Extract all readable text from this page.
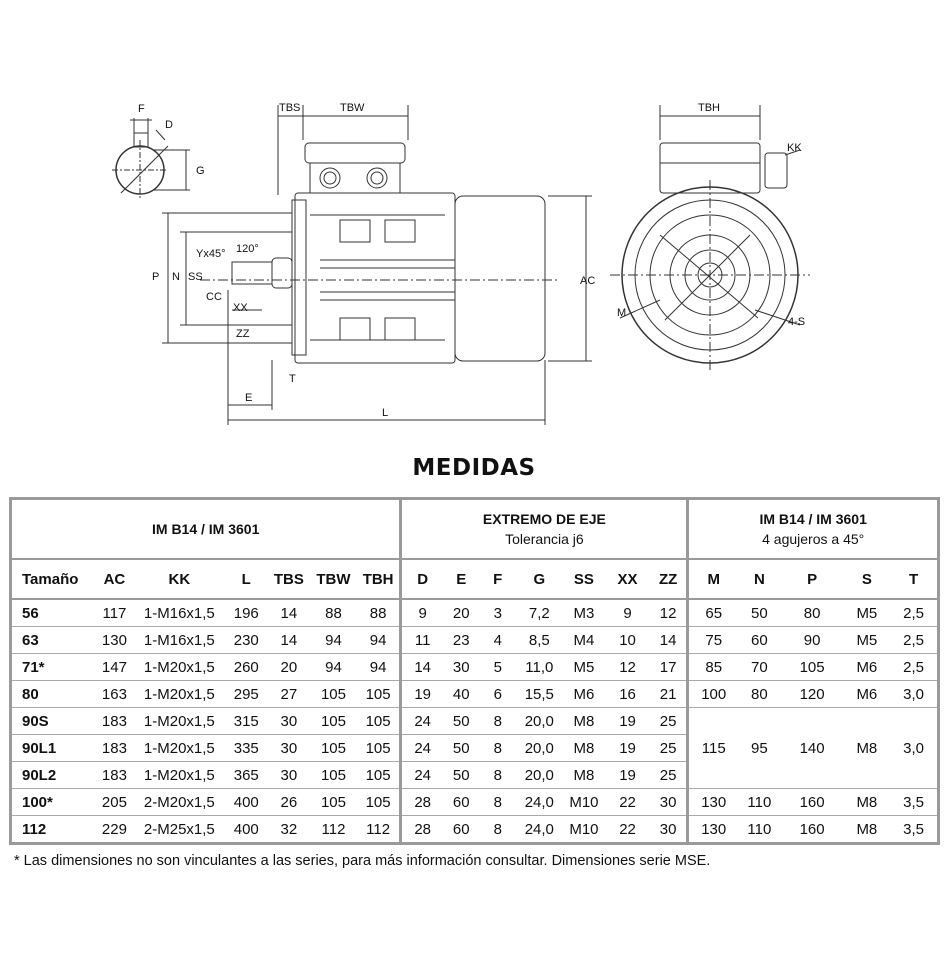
F
D
G
TBS	TBW	TBH
KK
Yx45° 120°
P N SS
CC
XX
ZZ
T
E
L
AC
M
4-S
MEDIDAS
IM B14 / IM 3601							EXTREMO DE EJE
Tolerancia j6							IM B14 / IM 3601
4 agujeros a 45°				

Tamaño	AC	KK	L	TBS	TBW	TBH	D	E	F	G	SS	XX	ZZ	M	N	P	S	T
56	117	1-M16x1,5	196	14	88	88	9	20	3	7,2	M3	9	12	65	50	80	M5	2,5
63	130	1-M16x1,5	230	14	94	94	11	23	4	8,5	M4	10	14	75	60	90	M5	2,5
71*	147	1-M20x1,5	260	20	94	94	14	30	5	11,0	M5	12	17	85	70	105	M6	2,5
80	163	1-M20x1,5	295	27	105	105	19	40	6	15,5	M6	16	21	100	80	120	M6	3,0
90S	183	1-M20x1,5	315	30	105	105	24	50	8	20,0	M8	19	25	115	95	140	M8	3,0
90L1	183	1-M20x1,5	335	30	105	105	24	50	8	20,0	M8	19	25					
90L2	183	1-M20x1,5	365	30	105	105	24	50	8	20,0	M8	19	25					
100*	205	2-M20x1,5	400	26	105	105	28	60	8	24,0	M10	22	30	130	110	160	M8	3,5
112	229	2-M25x1,5	400	32	112	112	28	60	8	24,0	M10	22	30	130	110	160	M8	3,5
* Las dimensiones no son vinculantes a las series, para más información consultar. Dimensiones serie MSE.
